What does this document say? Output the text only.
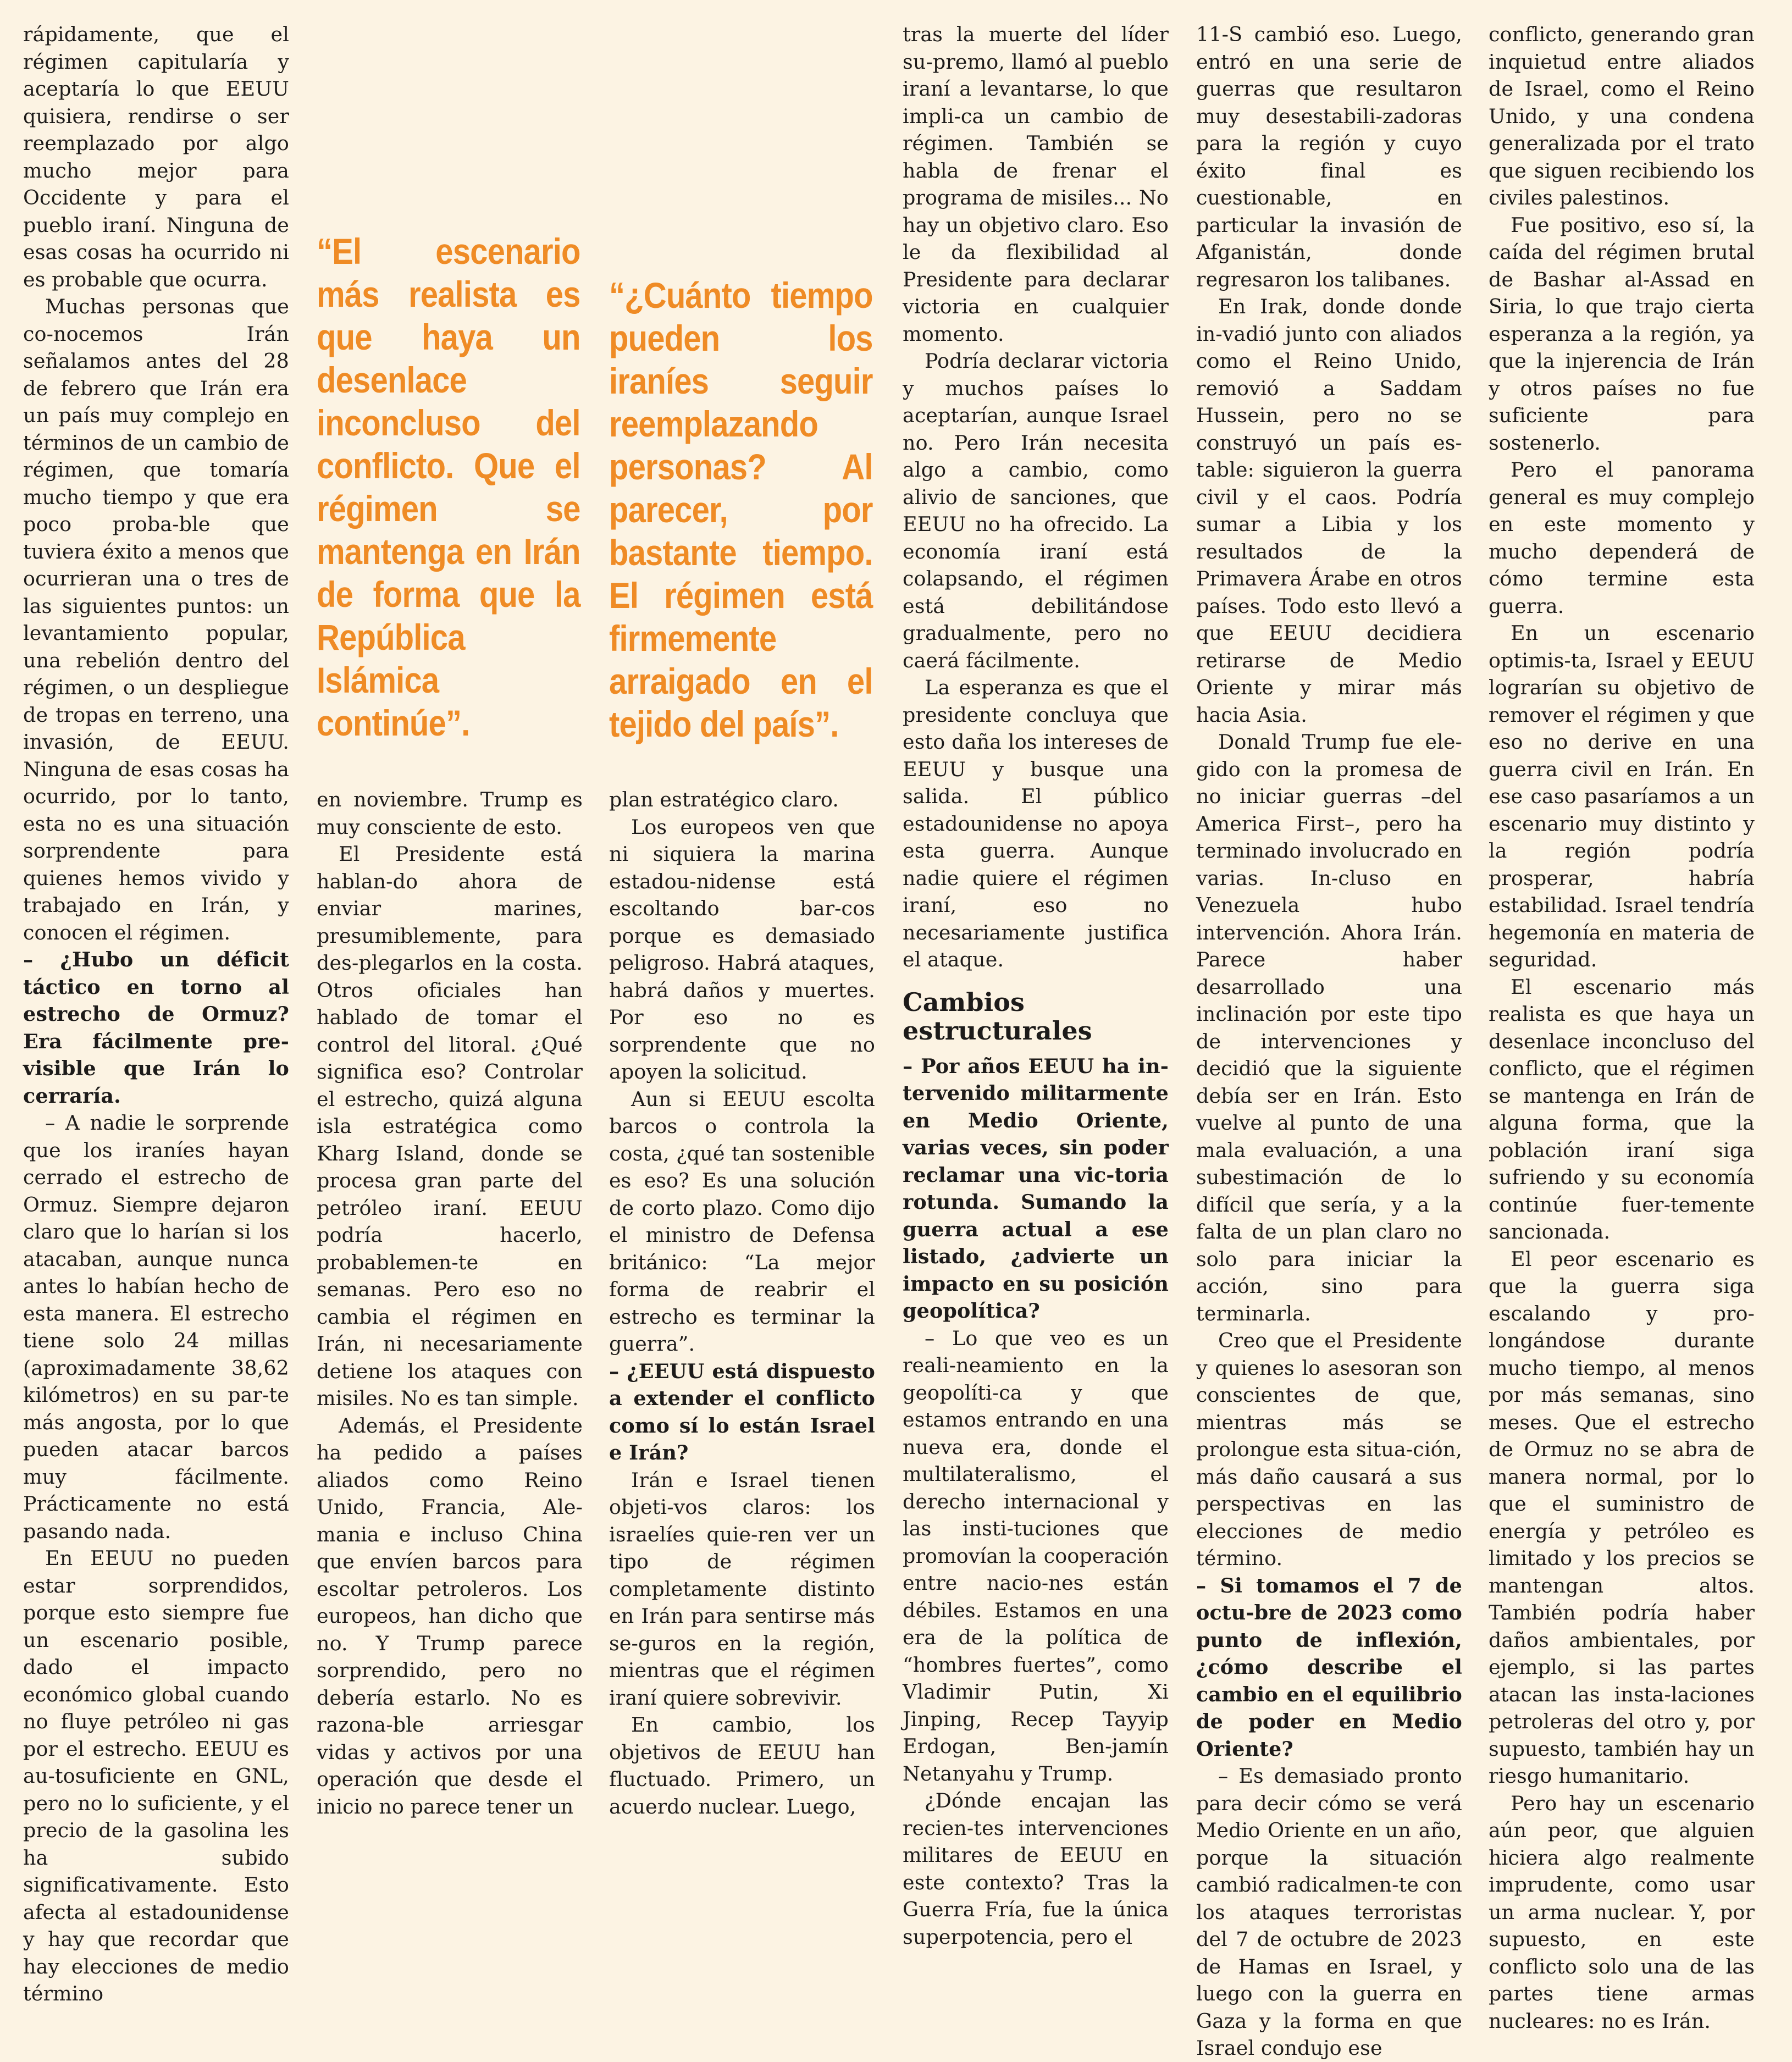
rápidamente, que el régimen capitularía y aceptaría lo que EEUU quisiera, rendirse o ser reemplazado por algo mucho mejor para Occidente y para el pueblo iraní. Ninguna de esas cosas ha ocurrido ni es probable que ocurra.

Muchas personas que co-nocemos Irán señalamos antes del 28 de febrero que Irán era un país muy complejo en términos de un cambio de régimen, que tomaría mucho tiempo y que era poco proba-ble que tuviera éxito a menos que ocurrieran una o tres de las siguientes puntos: un levantamiento popular, una rebelión dentro del régimen, o un despliegue de tropas en terreno, una invasión, de EEUU. Ninguna de esas cosas ha ocurrido, por lo tanto, esta no es una situación sorprendente para quienes hemos vivido y trabajado en Irán, y conocen el régimen.

– ¿Hubo un déficit táctico en torno al estrecho de Ormuz? Era fácilmente pre-visible que Irán lo cerraría.

– A nadie le sorprende que los iraníes hayan cerrado el estrecho de Ormuz. Siempre dejaron claro que lo harían si los atacaban, aunque nunca antes lo habían hecho de esta manera. El estrecho tiene solo 24 millas (aproximadamente 38,62 kilómetros) en su par-te más angosta, por lo que pueden atacar barcos muy fácilmente. Prácticamente no está pasando nada.

En EEUU no pueden estar sorprendidos, porque esto siempre fue un escenario posible, dado el impacto económico global cuando no fluye petróleo ni gas por el estrecho. EEUU es au-tosuficiente en GNL, pero no lo suficiente, y el precio de la gasolina les ha subido significativamente. Esto afecta al estadounidense y hay que recordar que hay elecciones de medio término

“El escenario más realista es que haya un desenlace inconcluso del conflicto. Que el régimen se mantenga en Irán de forma que la República Islámica continúe”.

en noviembre. Trump es muy consciente de esto.

El Presidente está hablan-do ahora de enviar marines, presumiblemente, para des-plegarlos en la costa. Otros oficiales han hablado de tomar el control del litoral. ¿Qué significa eso? Controlar el estrecho, quizá alguna isla estratégica como Kharg Island, donde se procesa gran parte del petróleo iraní. EEUU podría hacerlo, probablemen-te en semanas. Pero eso no cambia el régimen en Irán, ni necesariamente detiene los ataques con misiles. No es tan simple.

Además, el Presidente ha pedido a países aliados como Reino Unido, Francia, Ale-mania e incluso China que envíen barcos para escoltar petroleros. Los europeos, han dicho que no. Y Trump parece sorprendido, pero no debería estarlo. No es razona-ble arriesgar vidas y activos por una operación que desde el inicio no parece tener un

“¿Cuánto tiempo pueden los iraníes seguir reemplazando personas? Al parecer, por bastante tiempo. El régimen está firmemente arraigado en el tejido del país”.

plan estratégico claro.

Los europeos ven que ni siquiera la marina estadou-nidense está escoltando bar-cos porque es demasiado peligroso. Habrá ataques, habrá daños y muertes. Por eso no es sorprendente que no apoyen la solicitud.

Aun si EEUU escolta barcos o controla la costa, ¿qué tan sostenible es eso? Es una solución de corto plazo. Como dijo el ministro de Defensa británico: “La mejor forma de reabrir el estrecho es terminar la guerra”.

– ¿EEUU está dispuesto a extender el conflicto como sí lo están Israel e Irán?

Irán e Israel tienen objeti-vos claros: los israelíes quie-ren ver un tipo de régimen completamente distinto en Irán para sentirse más se-guros en la región, mientras que el régimen iraní quiere sobrevivir.

En cambio, los objetivos de EEUU han fluctuado. Primero, un acuerdo nuclear. Luego,

tras la muerte del líder su-premo, llamó al pueblo iraní a levantarse, lo que impli-ca un cambio de régimen. También se habla de frenar el programa de misiles... No hay un objetivo claro. Eso le da flexibilidad al Presidente para declarar victoria en cualquier momento.

Podría declarar victoria y muchos países lo aceptarían, aunque Israel no. Pero Irán necesita algo a cambio, como alivio de sanciones, que EEUU no ha ofrecido. La economía iraní está colapsando, el régimen está debilitándose gradualmente, pero no caerá fácilmente.

La esperanza es que el presidente concluya que esto daña los intereses de EEUU y busque una salida. El público estadounidense no apoya esta guerra. Aunque nadie quiere el régimen iraní, eso no necesariamente justifica el ataque.

Cambios estructurales

– Por años EEUU ha in-tervenido militarmente en Medio Oriente, varias veces, sin poder reclamar una vic-toria rotunda. Sumando la guerra actual a ese listado, ¿advierte un impacto en su posición geopolítica?

– Lo que veo es un reali-neamiento en la geopolíti-ca y que estamos entrando en una nueva era, donde el multilateralismo, el derecho internacional y las insti-tuciones que promovían la cooperación entre nacio-nes están débiles. Estamos en una era de la política de “hombres fuertes”, como Vladimir Putin, Xi Jinping, Recep Tayyip Erdogan, Ben-jamín Netanyahu y Trump.

¿Dónde encajan las recien-tes intervenciones militares de EEUU en este contexto? Tras la Guerra Fría, fue la única superpotencia, pero el

11-S cambió eso. Luego, entró en una serie de guerras que resultaron muy desestabili-zadoras para la región y cuyo éxito final es cuestionable, en particular la invasión de Afganistán, donde regresaron los talibanes.

En Irak, donde donde in-vadió junto con aliados como el Reino Unido, removió a Saddam Hussein, pero no se construyó un país es-table: siguieron la guerra civil y el caos. Podría sumar a Libia y los resultados de la Primavera Árabe en otros países. Todo esto llevó a que EEUU decidiera retirarse de Medio Oriente y mirar más hacia Asia.

Donald Trump fue ele-gido con la promesa de no iniciar guerras –del America First–, pero ha terminado involucrado en varias. In-cluso en Venezuela hubo intervención. Ahora Irán. Parece haber desarrollado una inclinación por este tipo de intervenciones y decidió que la siguiente debía ser en Irán. Esto vuelve al punto de una mala evaluación, a una subestimación de lo difícil que sería, y a la falta de un plan claro no solo para iniciar la acción, sino para terminarla.

Creo que el Presidente y quienes lo asesoran son conscientes de que, mientras más se prolongue esta situa-ción, más daño causará a sus perspectivas en las elecciones de medio término.

– Si tomamos el 7 de octu-bre de 2023 como punto de inflexión, ¿cómo describe el cambio en el equilibrio de poder en Medio Oriente?

– Es demasiado pronto para decir cómo se verá Medio Oriente en un año, porque la situación cambió radicalmen-te con los ataques terroristas del 7 de octubre de 2023 de Hamas en Israel, y luego con la guerra en Gaza y la forma en que Israel condujo ese

conflicto, generando gran inquietud entre aliados de Israel, como el Reino Unido, y una condena generalizada por el trato que siguen recibiendo los civiles palestinos.

Fue positivo, eso sí, la caída del régimen brutal de Bashar al-Assad en Siria, lo que trajo cierta esperanza a la región, ya que la injerencia de Irán y otros países no fue suficiente para sostenerlo.

Pero el panorama general es muy complejo en este momento y mucho dependerá de cómo termine esta guerra.

En un escenario optimis-ta, Israel y EEUU lograrían su objetivo de remover el régimen y que eso no derive en una guerra civil en Irán. En ese caso pasaríamos a un escenario muy distinto y la región podría prosperar, habría estabilidad. Israel tendría hegemonía en materia de seguridad.

El escenario más realista es que haya un desenlace inconcluso del conflicto, que el régimen se mantenga en Irán de alguna forma, que la población iraní siga sufriendo y su economía continúe fuer-temente sancionada.

El peor escenario es que la guerra siga escalando y pro-longándose durante mucho tiempo, al menos por más semanas, sino meses. Que el estrecho de Ormuz no se abra de manera normal, por lo que el suministro de energía y petróleo es limitado y los precios se mantengan altos. También podría haber daños ambientales, por ejemplo, si las partes atacan las insta-laciones petroleras del otro y, por supuesto, también hay un riesgo humanitario.

Pero hay un escenario aún peor, que alguien hiciera algo realmente imprudente, como usar un arma nuclear. Y, por supuesto, en este conflicto solo una de las partes tiene armas nucleares: no es Irán.
